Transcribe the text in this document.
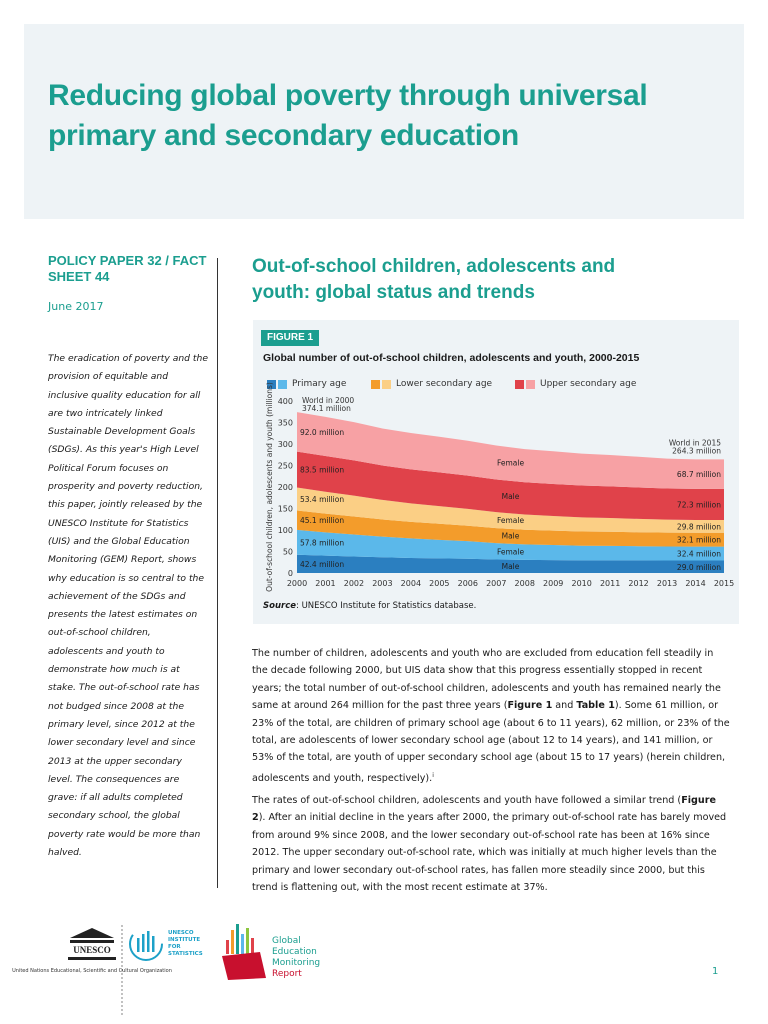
Reducing global poverty through universal primary and secondary education
POLICY PAPER 32 / FACT SHEET 44
June 2017

The eradication of poverty and the provision of equitable and inclusive quality education for all are two intricately linked Sustainable Development Goals (SDGs). As this year's High Level Political Forum focuses on prosperity and poverty reduction, this paper, jointly released by the UNESCO Institute for Statistics (UIS) and the Global Education Monitoring (GEM) Report, shows why education is so central to the achievement of the SDGs and presents the latest estimates on out-of-school children, adolescents and youth to demonstrate how much is at stake. The out-of-school rate has not budged since 2008 at the primary level, since 2012 at the lower secondary level and since 2013 at the upper secondary level. The consequences are grave: if all adults completed secondary school, the global poverty rate would be more than halved.

Out-of-school children, adolescents and youth: global status and trends
FIGURE 1
Global number of out-of-school children, adolescents and youth, 2000-2015
Primary age	Lower secondary age	Upper secondary age
0
50
100
150
200
250
300
350
400
Out-of-school children, adolescents and youth (millions) 2000 2001 2002 2003 2004 2005 2006 2007 2008 2009 2010 2011 2012 2013 2014 2015
42.4 million
57.8 million
45.1 million
53.4 million
83.5 million
92.0 million
29.0 million
32.4 million
32.1 million
29.8 million
72.3 million
68.7 million
Male
Female
Male
Female
Male
Female
World in 2000
374.1 million
World in 2015
264.3 million
Source: UNESCO Institute for Statistics database.

The number of children, adolescents and youth who are excluded from education fell steadily in the decade following 2000, but UIS data show that this progress essentially stopped in recent years; the total number of out-of-school children, adolescents and youth has remained nearly the same at around 264 million for the past three years (Figure 1 and Table 1). Some 61 million, or 23% of the total, are children of primary school age (about 6 to 11 years), 62 million, or 23% of the total, are adolescents of lower secondary school age (about 12 to 14 years), and 141 million, or 53% of the total, are youth of upper secondary school age (about 15 to 17 years) (herein children, adolescents and youth, respectively).$^i$

The rates of out-of-school children, adolescents and youth have followed a similar trend (Figure 2). After an initial decline in the years after 2000, the primary out-of-school rate has barely moved from around 9% since 2008, and the lower secondary out-of-school rate has been at 16% since 2012. The upper secondary out-of-school rate, which was initially at much higher levels than the primary and lower secondary out-of-school rates, has fallen more steadily since 2000, but this trend is flattening out, with the most recent estimate at 37%.

UNESCO
United Nations Educational, Scientific and Cultural Organization
UNESCO
INSTITUTE
FOR
STATISTICS
Global
Education
Monitoring
Report	1
